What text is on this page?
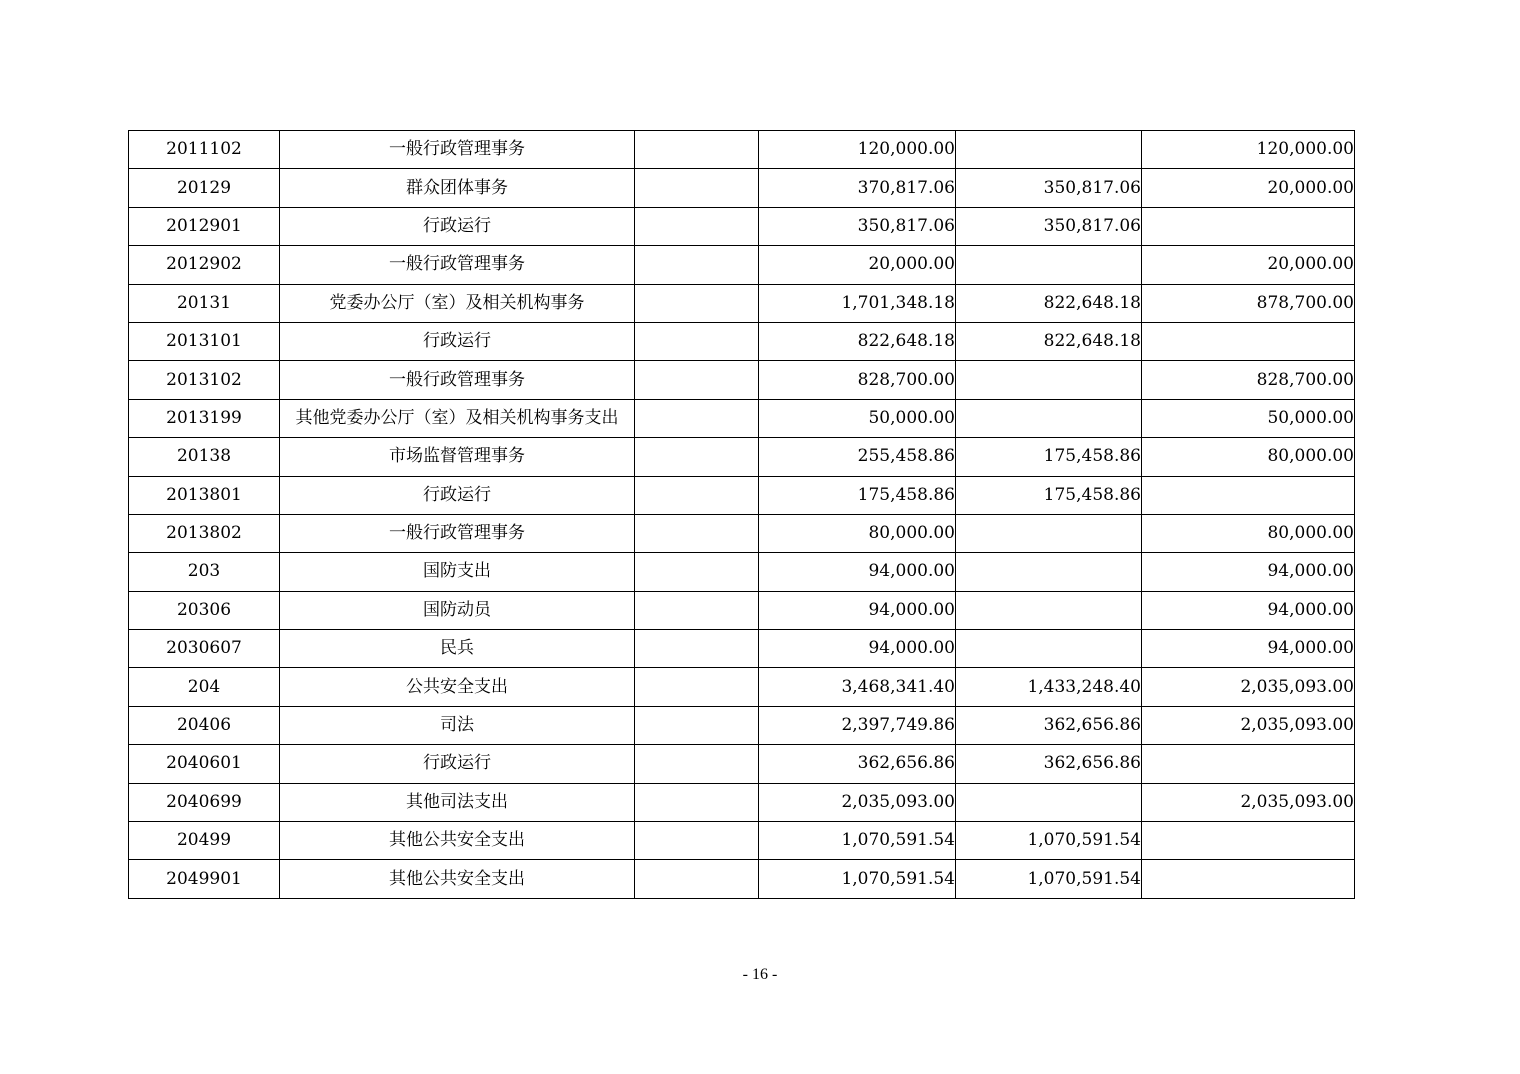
2011102	一般行政管理事务		120,000.00		120,000.00
20129	群众团体事务		370,817.06	350,817.06	20,000.00
2012901	行政运行		350,817.06	350,817.06	
2012902	一般行政管理事务		20,000.00		20,000.00
20131	党委办公厅（室）及相关机构事务		1,701,348.18	822,648.18	878,700.00
2013101	行政运行		822,648.18	822,648.18	
2013102	一般行政管理事务		828,700.00		828,700.00
2013199	其他党委办公厅（室）及相关机构事务支出		50,000.00		50,000.00
20138	市场监督管理事务		255,458.86	175,458.86	80,000.00
2013801	行政运行		175,458.86	175,458.86	
2013802	一般行政管理事务		80,000.00		80,000.00
203	国防支出		94,000.00		94,000.00
20306	国防动员		94,000.00		94,000.00
2030607	民兵		94,000.00		94,000.00
204	公共安全支出		3,468,341.40	1,433,248.40	2,035,093.00
20406	司法		2,397,749.86	362,656.86	2,035,093.00
2040601	行政运行		362,656.86	362,656.86	
2040699	其他司法支出		2,035,093.00		2,035,093.00
20499	其他公共安全支出		1,070,591.54	1,070,591.54	
2049901	其他公共安全支出		1,070,591.54	1,070,591.54	
- 16 -
